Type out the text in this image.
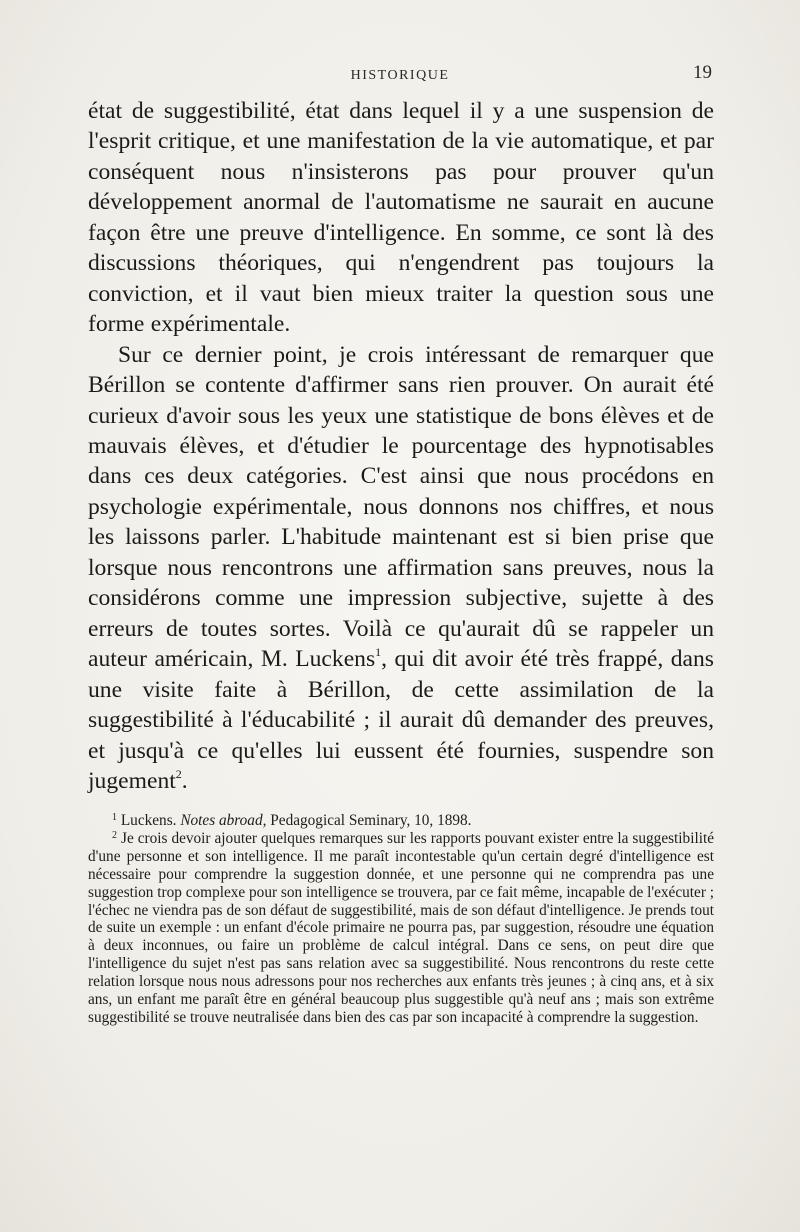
HISTORIQUE	19

état de suggestibilité, état dans lequel il y a une suspension de l'esprit critique, et une manifestation de la vie automatique, et par conséquent nous n'insisterons pas pour prouver qu'un développement anormal de l'automatisme ne saurait en aucune façon être une preuve d'intelligence. En somme, ce sont là des discussions théoriques, qui n'engendrent pas toujours la conviction, et il vaut bien mieux traiter la question sous une forme expérimentale.

Sur ce dernier point, je crois intéressant de remarquer que Bérillon se contente d'affirmer sans rien prouver. On aurait été curieux d'avoir sous les yeux une statistique de bons élèves et de mauvais élèves, et d'étudier le pourcentage des hypnotisables dans ces deux catégories. C'est ainsi que nous procédons en psychologie expérimentale, nous donnons nos chiffres, et nous les laissons parler. L'habitude maintenant est si bien prise que lorsque nous rencontrons une affirmation sans preuves, nous la considérons comme une impression subjective, sujette à des erreurs de toutes sortes. Voilà ce qu'aurait dû se rappeler un auteur américain, M. Luckens$^1$, qui dit avoir été très frappé, dans une visite faite à Bérillon, de cette assimilation de la suggestibilité à l'éducabilité ; il aurait dû demander des preuves, et jusqu'à ce qu'elles lui eussent été fournies, suspendre son jugement$^2$.

$^1$ Luckens. Notes abroad, Pedagogical Seminary, 10, 1898.

$^2$ Je crois devoir ajouter quelques remarques sur les rapports pouvant exister entre la suggestibilité d'une personne et son intelligence. Il me paraît incontestable qu'un certain degré d'intelligence est nécessaire pour comprendre la suggestion donnée, et une personne qui ne comprendra pas une suggestion trop complexe pour son intelligence se trouvera, par ce fait même, incapable de l'exécuter ; l'échec ne viendra pas de son défaut de suggestibilité, mais de son défaut d'intelligence. Je prends tout de suite un exemple : un enfant d'école primaire ne pourra pas, par suggestion, résoudre une équation à deux inconnues, ou faire un problème de calcul intégral. Dans ce sens, on peut dire que l'intelligence du sujet n'est pas sans relation avec sa suggestibilité. Nous rencontrons du reste cette relation lorsque nous nous adressons pour nos recherches aux enfants très jeunes ; à cinq ans, et à six ans, un enfant me paraît être en général beaucoup plus suggestible qu'à neuf ans ; mais son extrême suggestibilité se trouve neutralisée dans bien des cas par son incapacité à comprendre la suggestion.
